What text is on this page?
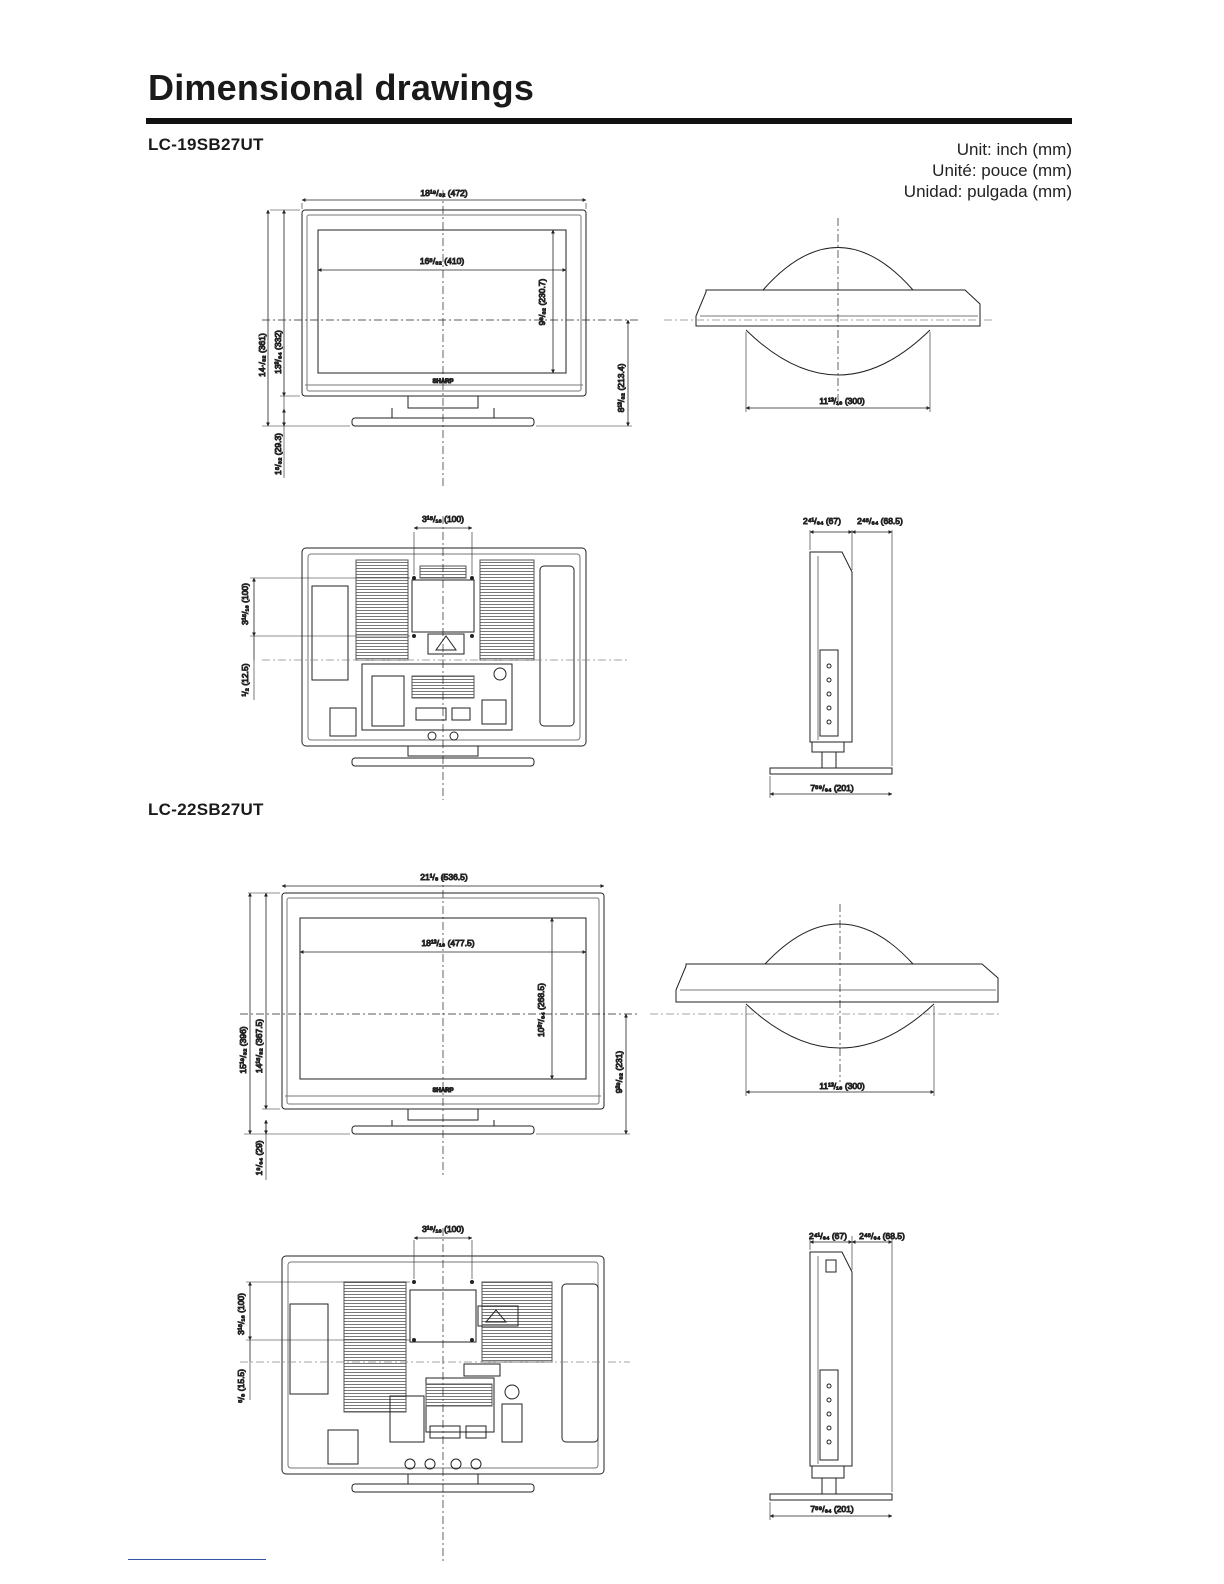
Dimensional drawings
LC-19SB27UT
LC-22SB27UT
Unit: inch (mm)
Unité: pouce (mm)
Unidad: pulgada (mm)
18¹⁹/₃₂ (472)
16⁵/₃₂ (410)
9⁸/₃₂ (230.7)
14·/₃₂ (361) 13³/₆₄ (332)
1⁵/₃₂ (29.3)
8¹³/₃₂ (213.4)
SHARP
11¹³/₁₆ (300)
3¹⁵/₁₆ (100)
3¹⁵/₁₆ (100)
¹/₂ (12.5)
2⁴¹/₆₄ (67) 2⁴⁵/₆₄ (68.5)
7⁵⁹/₆₄ (201)
21¹/₈ (536.5)
18¹³/₁₆ (477.5)
10³⁷/₆₄ (268.5)
15¹⁹/₃₂ (396) 14¹⁵/₃₂ (367.5)
1⁹/₆₄ (29)
9²⁹/₃₂ (231)
SHARP	11¹³/₁₆ (300)
3¹⁵/₁₆ (100)
3¹⁵/₁₆ (100)
⁵/₈ (15.5)
2⁴¹/₆₄ (67) 2⁴⁵/₆₄ (68.5)
7⁵⁹/₆₄ (201)
